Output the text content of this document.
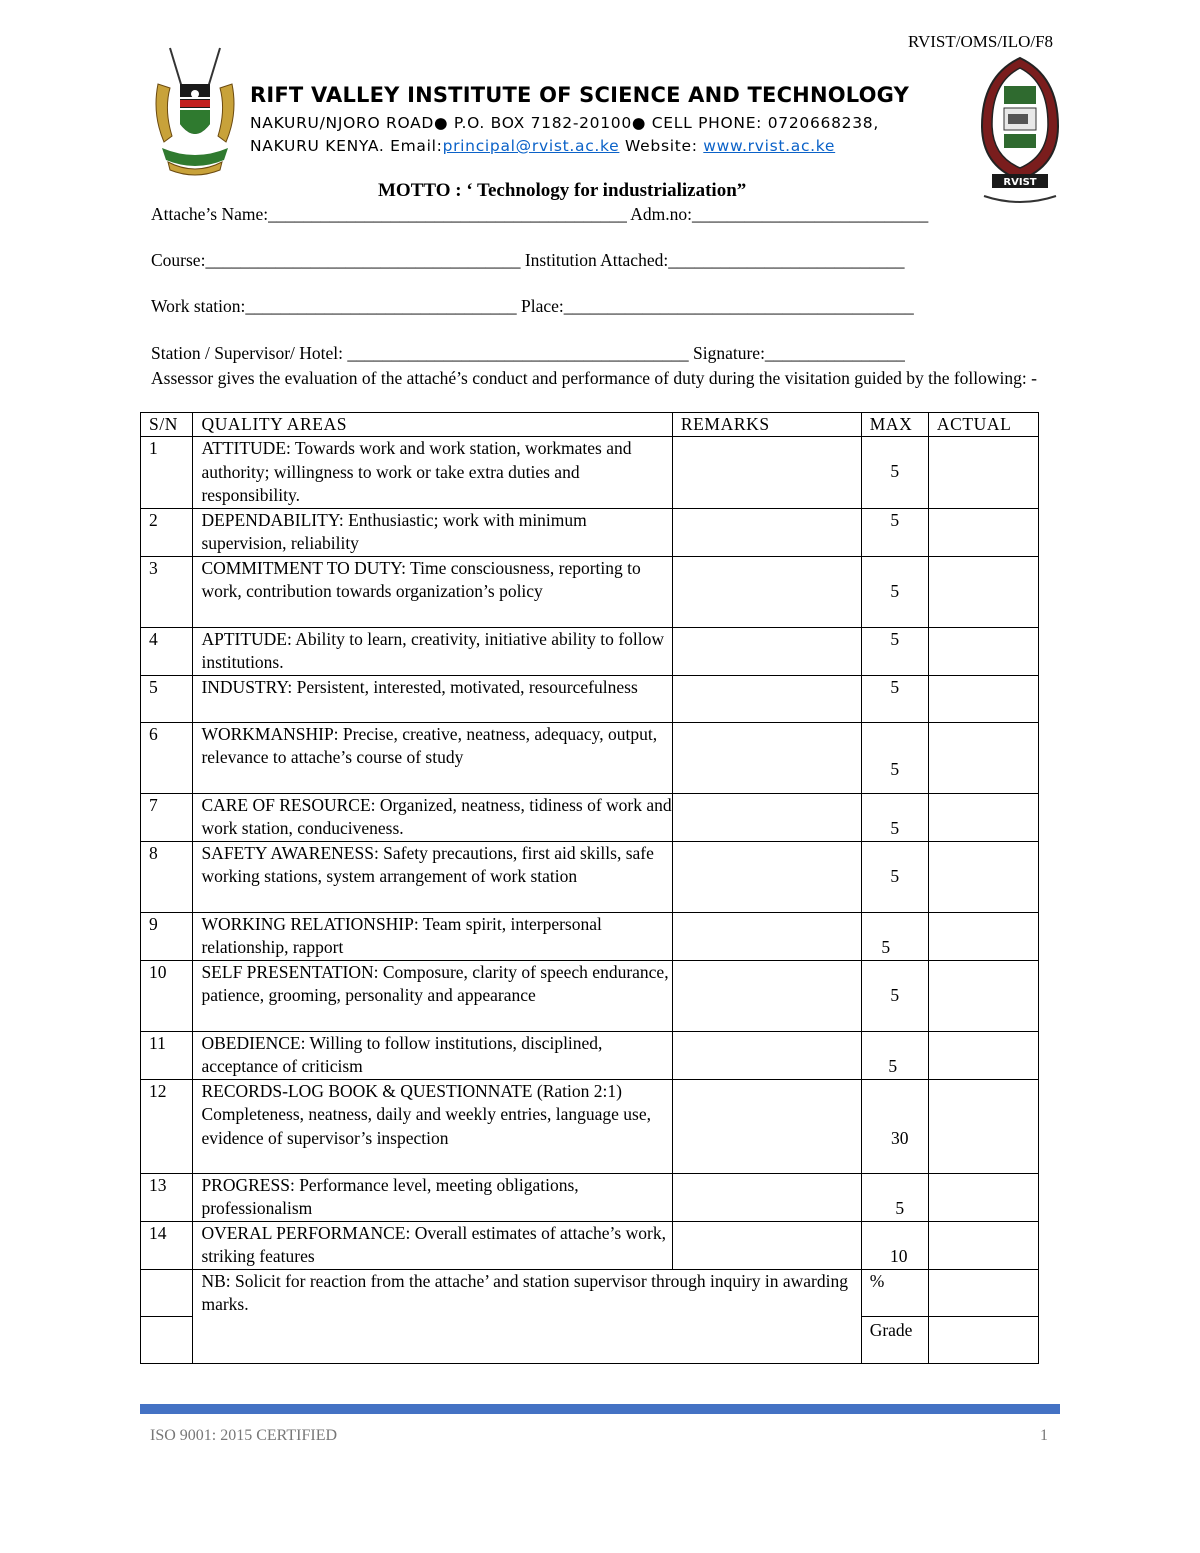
RVIST/OMS/ILO/F8
RVIST
RIFT VALLEY INSTITUTE OF SCIENCE AND TECHNOLOGY
NAKURU/NJORO ROAD● P.O. BOX 7182-20100● CELL PHONE: 0720668238,
NAKURU KENYA. Email:principal@rvist.ac.ke Website: www.rvist.ac.ke
MOTTO : ‘ Technology for industrialization”
Attache’s Name:_________________________________________ Adm.no:___________________________
Course:____________________________________ Institution Attached:___________________________
Work station:_______________________________ Place:________________________________________
Station / Supervisor/ Hotel: _______________________________________ Signature:________________
Assessor gives the evaluation of the attaché’s conduct and performance of duty during the visitation guided by the following: -
S/N	QUALITY AREAS	REMARKS	MAX	ACTUAL
1	ATTITUDE: Towards work and work station, workmates and authority; willingness to work or take extra duties and responsibility.		5	

2	DEPENDABILITY: Enthusiastic; work with minimum supervision, reliability		5	

3	COMMITMENT TO DUTY: Time consciousness, reporting to work, contribution towards organization’s policy		5	

4	APTITUDE: Ability to learn, creativity, initiative ability to follow institutions.		5	

5	INDUSTRY: Persistent, interested, motivated, resourcefulness		5	

6	WORKMANSHIP: Precise, creative, neatness, adequacy, output, relevance to attache’s course of study		5	

7	CARE OF RESOURCE: Organized, neatness, tidiness of work and work station, conduciveness.		5	

8	SAFETY AWARENESS: Safety precautions, first aid skills, safe working stations, system arrangement of work station		5	

9	WORKING RELATIONSHIP: Team spirit, interpersonal relationship, rapport		5	

10	SELF PRESENTATION: Composure, clarity of speech endurance, patience, grooming, personality and appearance		5	

11	OBEDIENCE: Willing to follow institutions, disciplined, acceptance of criticism		5	

12	RECORDS-LOG BOOK & QUESTIONNATE (Ration 2:1) Completeness, neatness, daily and weekly entries, language use, evidence of supervisor’s inspection		30	

13	PROGRESS: Performance level, meeting obligations, professionalism		5	

14	OVERAL PERFORMANCE: Overall estimates of attache’s work, striking features		10	

	NB: Solicit for reaction from the attache’ and station supervisor through inquiry in awarding marks.		%	

			Grade	

ISO 9001: 2015 CERTIFIED	1
